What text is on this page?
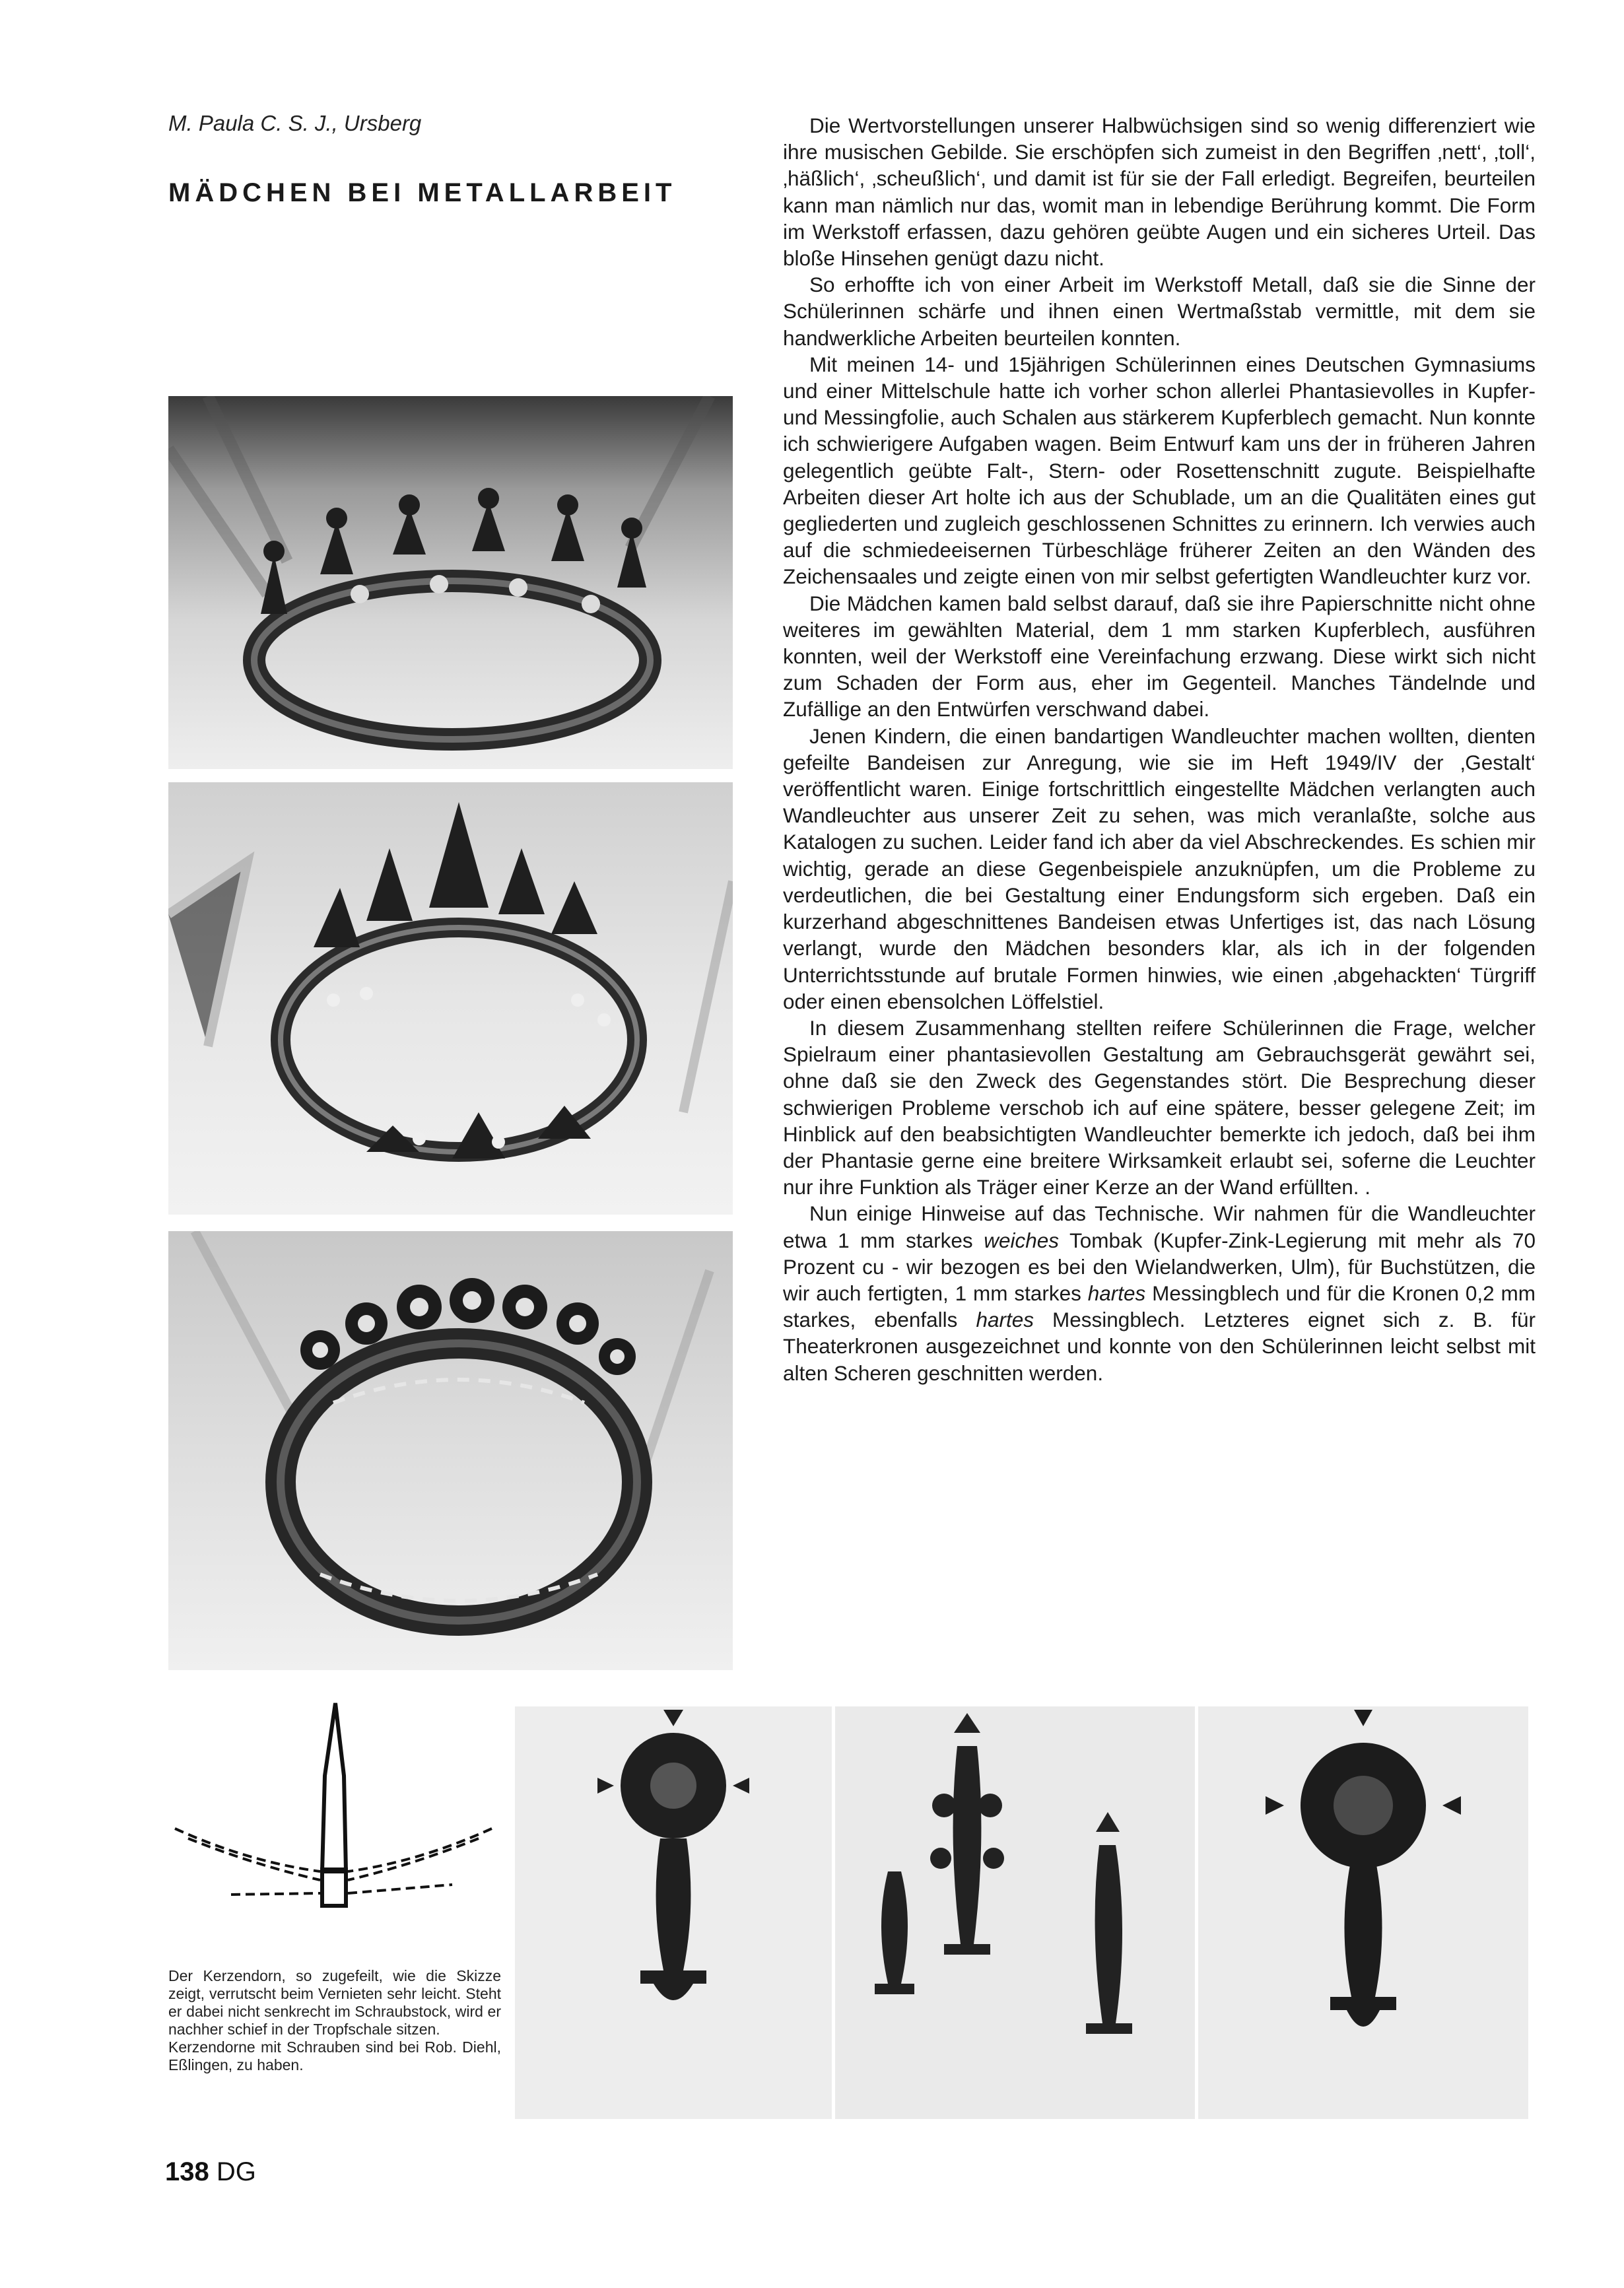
M. Paula C. S. J., Ursberg
MÄDCHEN BEI METALLARBEIT

Die Wertvorstellungen unserer Halbwüchsigen sind so wenig differenziert wie ihre musischen Gebilde. Sie erschöpfen sich zumeist in den Begriffen ‚nett‘, ‚toll‘, ‚häßlich‘, ‚scheußlich‘, und damit ist für sie der Fall erledigt. Begreifen, beurteilen kann man nämlich nur das, womit man in lebendige Berührung kommt. Die Form im Werkstoff erfassen, dazu gehören geübte Augen und ein sicheres Urteil. Das bloße Hinsehen genügt dazu nicht.

So erhoffte ich von einer Arbeit im Werkstoff Metall, daß sie die Sinne der Schülerinnen schärfe und ihnen einen Wertmaßstab vermittle, mit dem sie handwerkliche Arbeiten beurteilen konnten.

Mit meinen 14- und 15jährigen Schülerinnen eines Deutschen Gymnasiums und einer Mittelschule hatte ich vorher schon allerlei Phantasievolles in Kupfer- und Messingfolie, auch Schalen aus stärkerem Kupferblech gemacht. Nun konnte ich schwierigere Aufgaben wagen. Beim Entwurf kam uns der in früheren Jahren gelegentlich geübte Falt-, Stern- oder Rosettenschnitt zugute. Beispielhafte Arbeiten dieser Art holte ich aus der Schublade, um an die Qualitäten eines gut gegliederten und zugleich geschlossenen Schnittes zu erinnern. Ich verwies auch auf die schmiedeeisernen Türbeschläge früherer Zeiten an den Wänden des Zeichensaales und zeigte einen von mir selbst gefertigten Wandleuchter kurz vor.

Die Mädchen kamen bald selbst darauf, daß sie ihre Papierschnitte nicht ohne weiteres im gewählten Material, dem 1 mm starken Kupferblech, ausführen konnten, weil der Werkstoff eine Vereinfachung erzwang. Diese wirkt sich nicht zum Schaden der Form aus, eher im Gegenteil. Manches Tändelnde und Zufällige an den Entwürfen verschwand dabei.

Jenen Kindern, die einen bandartigen Wandleuchter machen wollten, dienten gefeilte Bandeisen zur Anregung, wie sie im Heft 1949/IV der ‚Gestalt‘ veröffentlicht waren. Einige fortschrittlich eingestellte Mädchen verlangten auch Wandleuchter aus unserer Zeit zu sehen, was mich veranlaßte, solche aus Katalogen zu suchen. Leider fand ich aber da viel Abschreckendes. Es schien mir wichtig, gerade an diese Gegenbeispiele anzuknüpfen, um die Probleme zu verdeutlichen, die bei Gestaltung einer Endungsform sich ergeben. Daß ein kurzerhand abgeschnittenes Bandeisen etwas Unfertiges ist, das nach Lösung verlangt, wurde den Mädchen besonders klar, als ich in der folgenden Unterrichtsstunde auf brutale Formen hinwies, wie einen ‚abgehackten‘ Türgriff oder einen ebensolchen Löffelstiel.

In diesem Zusammenhang stellten reifere Schülerinnen die Frage, welcher Spielraum einer phantasievollen Gestaltung am Gebrauchsgerät gewährt sei, ohne daß sie den Zweck des Gegenstandes stört. Die Besprechung dieser schwierigen Probleme verschob ich auf eine spätere, besser gelegene Zeit; im Hinblick auf den beabsichtigten Wandleuchter bemerkte ich jedoch, daß bei ihm der Phantasie gerne eine breitere Wirksamkeit erlaubt sei, soferne die Leuchter nur ihre Funktion als Träger einer Kerze an der Wand erfüllten. .

Nun einige Hinweise auf das Technische. Wir nahmen für die Wandleuchter etwa 1 mm starkes weiches Tombak (Kupfer-Zink-Legierung mit mehr als 70 Prozent cu - wir bezogen es bei den Wielandwerken, Ulm), für Buchstützen, die wir auch fertigten, 1 mm starkes hartes Messingblech und für die Kronen 0,2 mm starkes, ebenfalls hartes Messingblech. Letzteres eignet sich z. B. für Theaterkronen ausgezeichnet und konnte von den Schülerinnen leicht selbst mit alten Scheren geschnitten werden.

Der Kerzendorn, so zugefeilt, wie die Skizze zeigt, verrutscht beim Vernieten sehr leicht. Steht er dabei nicht senkrecht im Schraubstock, wird er nachher schief in der Tropfschale sitzen.

Kerzendorne mit Schrauben sind bei Rob. Diehl, Eßlingen, zu haben.

138 DG
